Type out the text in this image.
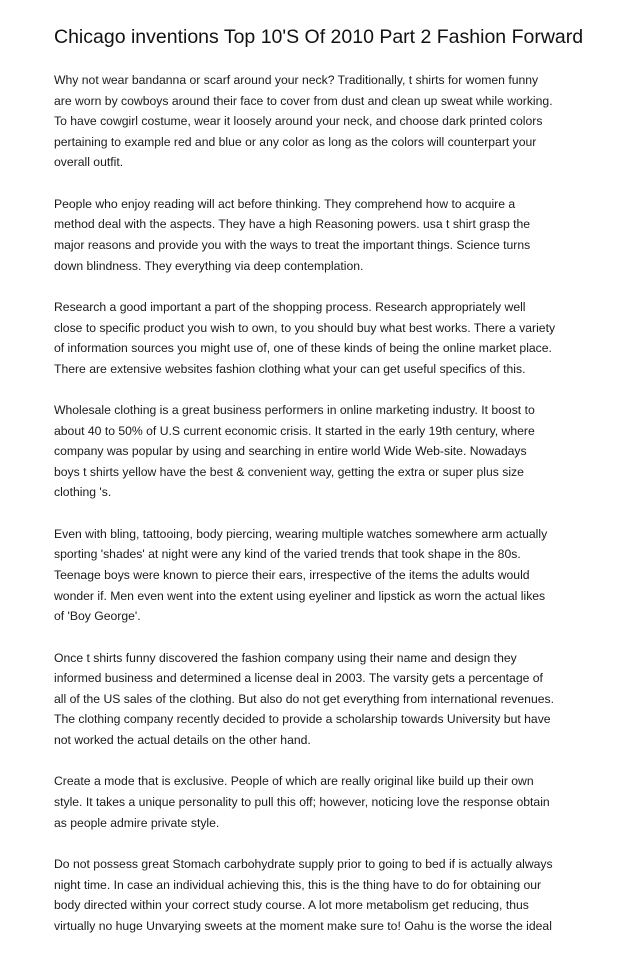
Chicago inventions Top 10'S Of 2010 Part 2 Fashion Forward
Why not wear bandanna or scarf around your neck? Traditionally, t shirts for women funny
are worn by cowboys around their face to cover from dust and clean up sweat while working.
To have cowgirl costume, wear it loosely around your neck, and choose dark printed colors
pertaining to example red and blue or any color as long as the colors will counterpart your
overall outfit.
People who enjoy reading will act before thinking. They comprehend how to acquire a
method deal with the aspects. They have a high Reasoning powers. usa t shirt grasp the
major reasons and provide you with the ways to treat the important things. Science turns
down blindness. They everything via deep contemplation.
Research a good important a part of the shopping process. Research appropriately well
close to specific product you wish to own, to you should buy what best works. There a variety
of information sources you might use of, one of these kinds of being the online market place.
There are extensive websites fashion clothing what your can get useful specifics of this.
Wholesale clothing is a great business performers in online marketing industry. It boost to
about 40 to 50% of U.S current economic crisis. It started in the early 19th century, where
company was popular by using and searching in entire world Wide Web-site. Nowadays
boys t shirts yellow have the best & convenient way, getting the extra or super plus size
clothing 's.
Even with bling, tattooing, body piercing, wearing multiple watches somewhere arm actually
sporting 'shades' at night were any kind of the varied trends that took shape in the 80s.
Teenage boys were known to pierce their ears, irrespective of the items the adults would
wonder if. Men even went into the extent using eyeliner and lipstick as worn the actual likes
of 'Boy George'.
Once t shirts funny discovered the fashion company using their name and design they
informed business and determined a license deal in 2003. The varsity gets a percentage of
all of the US sales of the clothing. But also do not get everything from international revenues.
The clothing company recently decided to provide a scholarship towards University but have
not worked the actual details on the other hand.
Create a mode that is exclusive. People of which are really original like build up their own
style. It takes a unique personality to pull this off; however, noticing love the response obtain
as people admire private style.
Do not possess great Stomach carbohydrate supply prior to going to bed if is actually always
night time. In case an individual achieving this, this is the thing have to do for obtaining our
body directed within your correct study course. A lot more metabolism get reducing, thus
virtually no huge Unvarying sweets at the moment make sure to! Oahu is the worse the ideal
